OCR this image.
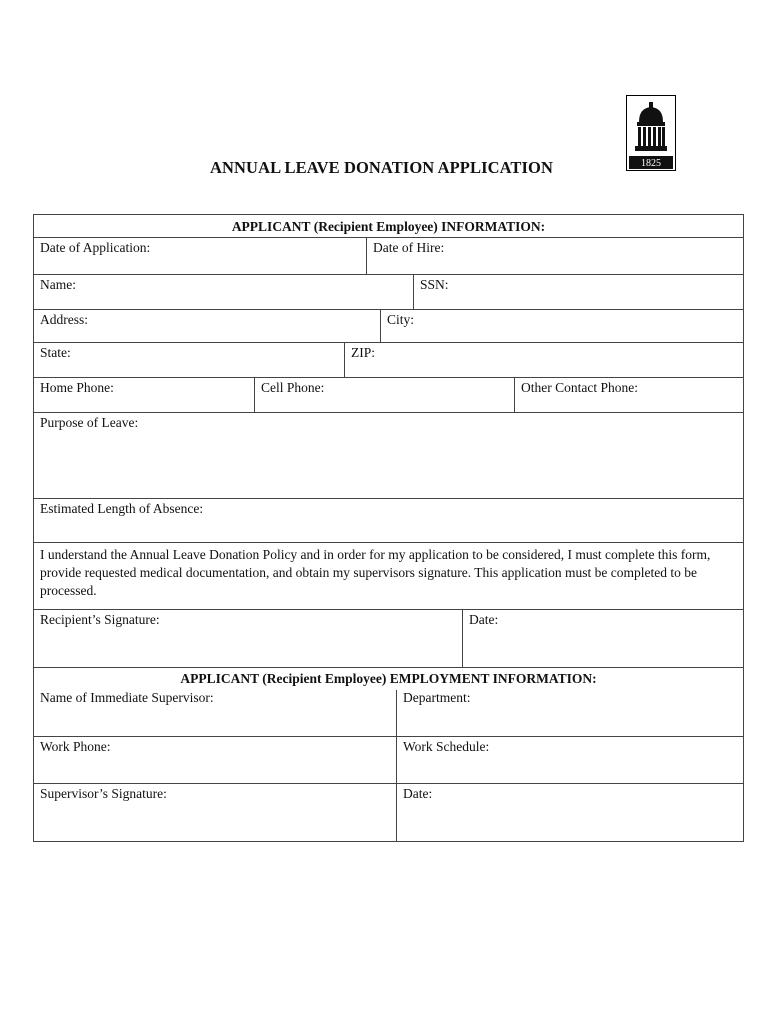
1825
ANNUAL LEAVE DONATION APPLICATION
APPLICANT (Recipient Employee) INFORMATION:
Date of Application:	Date of Hire:
Name:	SSN:
Address:	City:
State:	ZIP:
Home Phone:	Cell Phone:	Other Contact Phone:
Purpose of Leave:
Estimated Length of Absence:
I understand the Annual Leave Donation Policy and in order for my application to be considered, I must complete this form, provide requested medical documentation, and obtain my supervisors signature. This application must be completed to be processed.
Recipient’s Signature:	Date:
APPLICANT (Recipient Employee) EMPLOYMENT INFORMATION:
Name of Immediate Supervisor:	Department:
Work Phone:	Work Schedule:
Supervisor’s Signature:	Date:
